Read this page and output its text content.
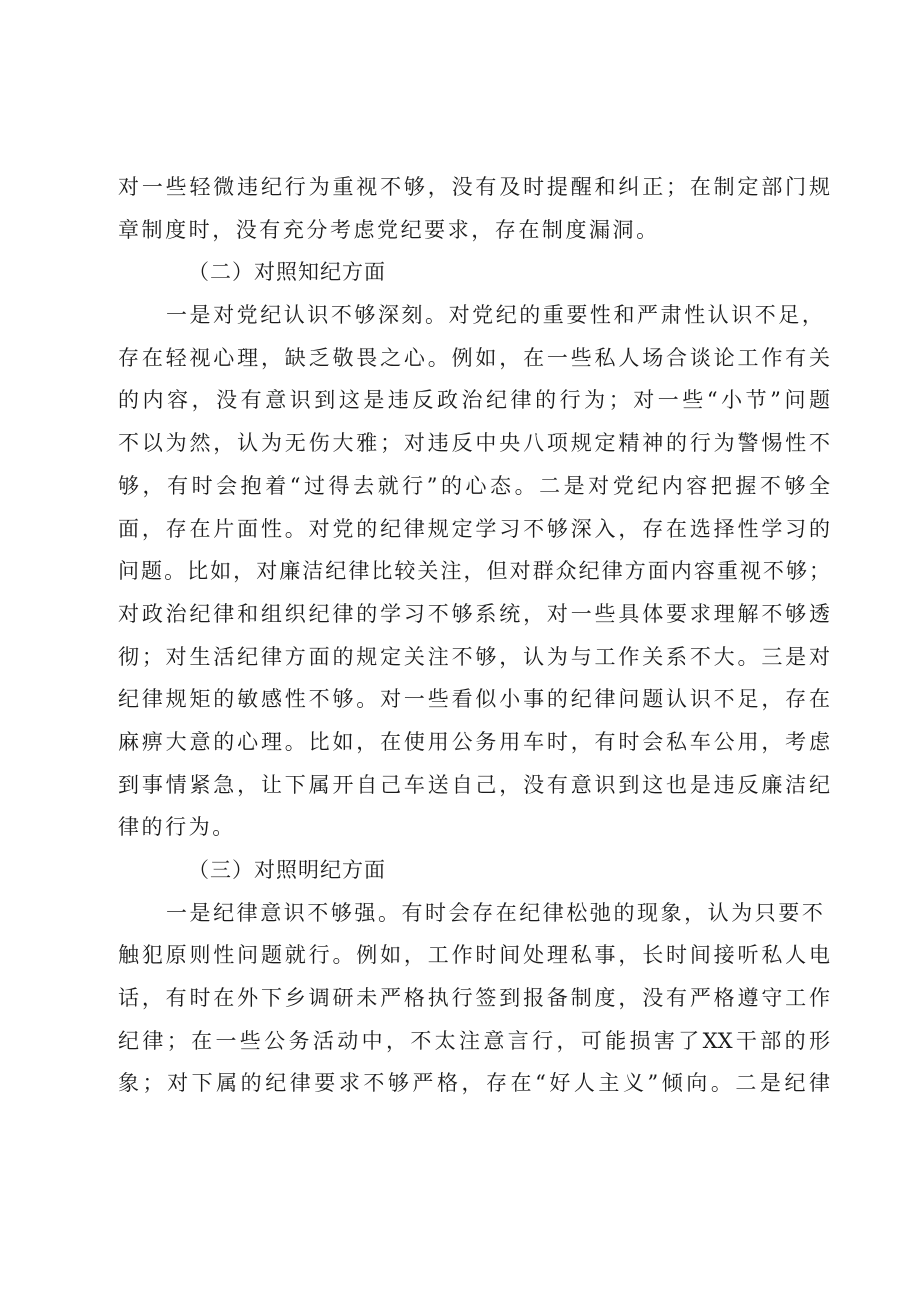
对一些轻微违纪行为重视不够，没有及时提醒和纠正；在制定部门规
章制度时，没有充分考虑党纪要求，存在制度漏洞。
（二）对照知纪方面
一是对党纪认识不够深刻。对党纪的重要性和严肃性认识不足，
存在轻视心理，缺乏敬畏之心。例如，在一些私人场合谈论工作有关
的内容，没有意识到这是违反政治纪律的行为；对一些“小节”问题
不以为然，认为无伤大雅；对违反中央八项规定精神的行为警惕性不
够，有时会抱着“过得去就行”的心态。二是对党纪内容把握不够全
面，存在片面性。对党的纪律规定学习不够深入，存在选择性学习的
问题。比如，对廉洁纪律比较关注，但对群众纪律方面内容重视不够；
对政治纪律和组织纪律的学习不够系统，对一些具体要求理解不够透
彻；对生活纪律方面的规定关注不够，认为与工作关系不大。三是对
纪律规矩的敏感性不够。对一些看似小事的纪律问题认识不足，存在
麻痹大意的心理。比如，在使用公务用车时，有时会私车公用，考虑
到事情紧急，让下属开自己车送自己，没有意识到这也是违反廉洁纪
律的行为。
（三）对照明纪方面
一是纪律意识不够强。有时会存在纪律松弛的现象，认为只要不
触犯原则性问题就行。例如，工作时间处理私事，长时间接听私人电
话，有时在外下乡调研未严格执行签到报备制度，没有严格遵守工作
纪律；在一些公务活动中，不太注意言行，可能损害了XX干部的形
象；对下属的纪律要求不够严格，存在“好人主义”倾向。二是纪律
